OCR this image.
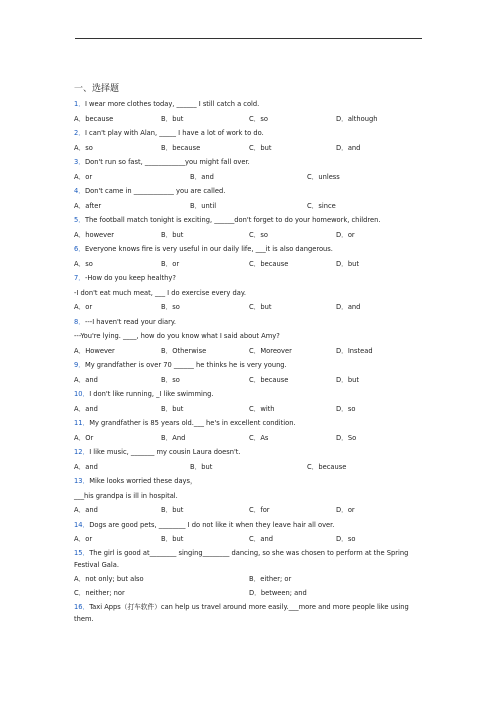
一、选择题
1．I wear more clothes today, ______ I still catch a cold.
A．because	B．but	C．so	D．although
2．I can't play with Alan, _____ I have a lot of work to do.
A．so	B．because	C．but	D．and
3．Don't run so fast, ____________you might fall over.
A．or	B．and	C．unless
4．Don't came in ____________ you are called.
A．after	B．until	C．since
5．The football match tonight is exciting, ______don't forget to do your homework, children.
A．however	B．but	C．so	D．or
6．Everyone knows fire is very useful in our daily life, ___it is also dangerous.
A．so	B．or	C．because	D．but
7．-How do you keep healthy?
-I don't eat much meat, ___ I do exercise every day.
A．or	B．so	C．but	D．and
8．---I haven't read your diary.
---You're lying. ____, how do you know what I said about Amy?
A．However	B．Otherwise	C．Moreover	D．Instead
9．My grandfather is over 70 ______ he thinks he is very young.
A．and	B．so	C．because	D．but
10．I don't like running, _I like swimming.
A．and	B．but	C．with	D．so
11．My grandfather is 85 years old.___ he's in excellent condition.
A．Or	B．And	C．As	D．So
12．I like music, _______ my cousin Laura doesn't.
A．and	B．but	C．because
13．Mike looks worried these days，
___his grandpa is ill in hospital.
A．and	B．but	C．for	D．or
14．Dogs are good pets, ________ I do not like it when they leave hair all over.
A．or	B．but	C．and	D．so
15．The girl is good at________ singing________ dancing, so she was chosen to perform at the Spring Festival Gala.
A．not only; but also	B．either; or
C．neither; nor	D．between; and
16．Taxi Apps（打车软件）can help us travel around more easily.___more and more people like using them.
